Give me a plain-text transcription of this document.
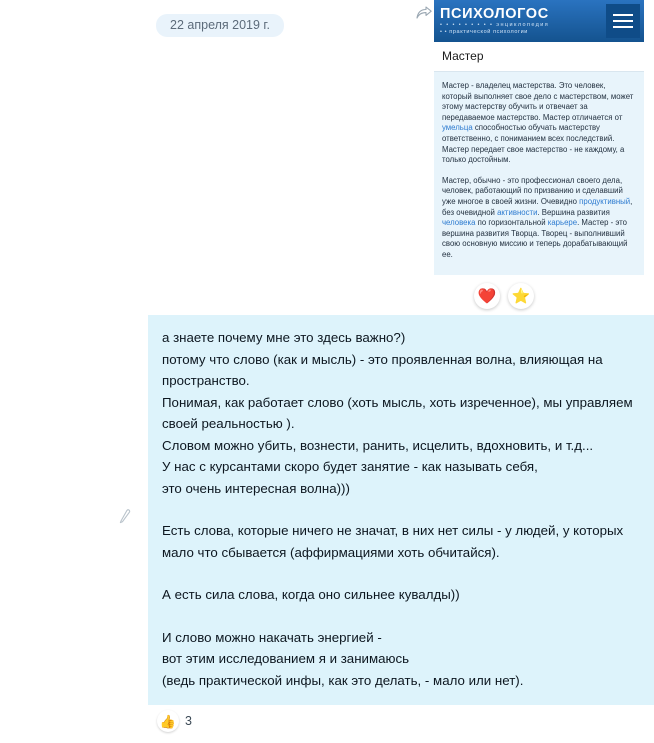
22 апреля 2019 г.
ПСИХОЛОГОС
• • • • • • • • • энциклопедия
• • практической психологии
Мастер

Мастер - владелец мастерства. Это человек, который выполняет свое дело с мастерством, может этому мастерству обучить и отвечает за передаваемое мастерство. Мастер отличается от умельца способностью обучать мастерству ответственно, с пониманием всех последствий. Мастер передает свое мастерство - не каждому, а только достойным.

Мастер, обычно - это профессионал своего дела, человек, работающий по призванию и сделавший уже многое в своей жизни. Очевидно продуктивный, без очевидной активности. Вершина развития человека по горизонтальной карьере. Мастер - это вершина развития Творца. Творец - выполнивший свою основную миссию и теперь дорабатывающий ее.

❤️ ⭐

а знаете почему мне это здесь важно?)

потому что слово (как и мысль) - это проявленная волна, влияющая на пространство.

Понимая, как работает слово (хоть мысль, хоть изреченное), мы управляем своей реальностью ).

Словом можно убить, вознести, ранить, исцелить, вдохновить, и т.д...

У нас с курсантами скоро будет занятие - как называть себя,

это очень интересная волна)))

Есть слова, которые ничего не значат, в них нет силы - у людей, у которых мало что сбывается (аффирмациями хоть обчитайся).

А есть сила слова, когда оно сильнее кувалды))

И слово можно накачать энергией -

вот этим исследованием я и занимаюсь

(ведь практической инфы, как это делать, - мало или нет).

👍 3
